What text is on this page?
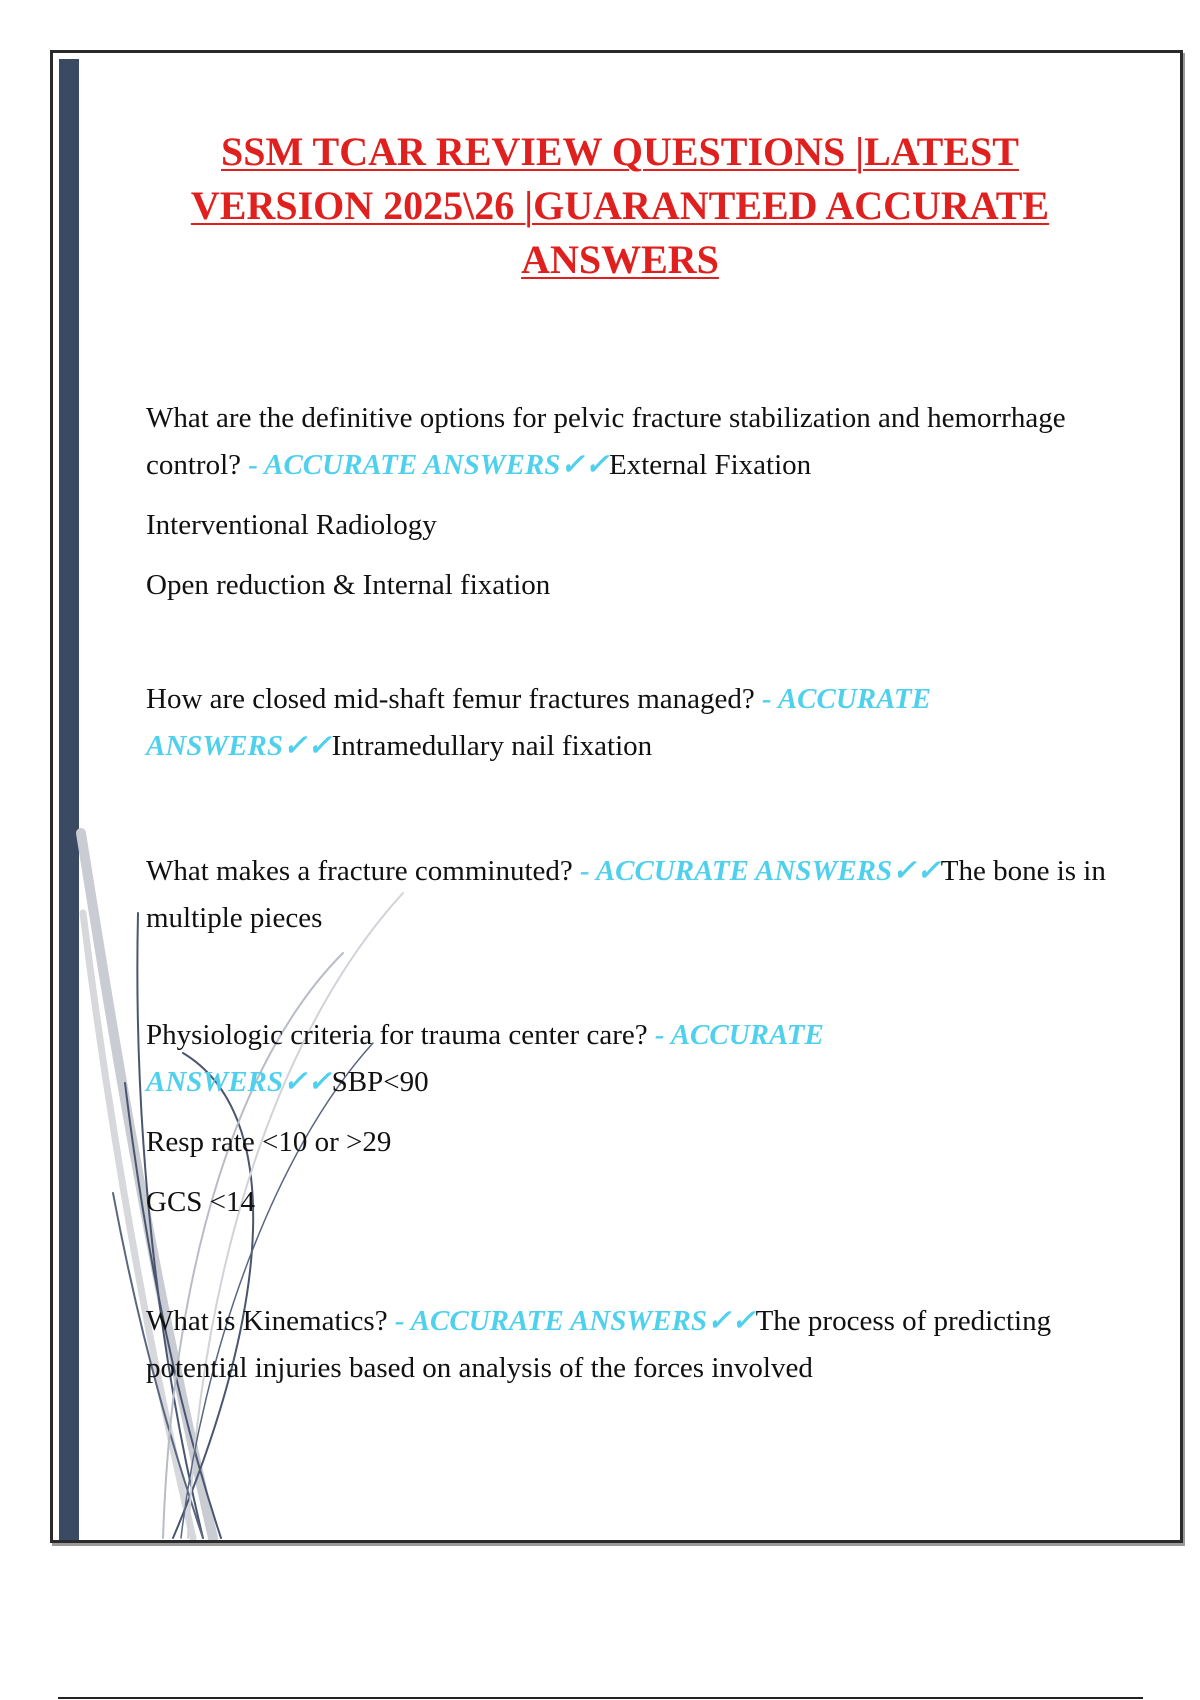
SSM TCAR REVIEW QUESTIONS |LATEST VERSION 2025\26 |GUARANTEED ACCURATE ANSWERS

What are the definitive options for pelvic fracture stabilization and hemorrhage control? - ACCURATE ANSWERS✓✓External Fixation

Interventional Radiology

Open reduction & Internal fixation

How are closed mid-shaft femur fractures managed? - ACCURATE ANSWERS✓✓Intramedullary nail fixation

What makes a fracture comminuted? - ACCURATE ANSWERS✓✓The bone is in multiple pieces

Physiologic criteria for trauma center care? - ACCURATE ANSWERS✓✓SBP<90

Resp rate <10 or >29

GCS <14

What is Kinematics? - ACCURATE ANSWERS✓✓The process of predicting potential injuries based on analysis of the forces involved
